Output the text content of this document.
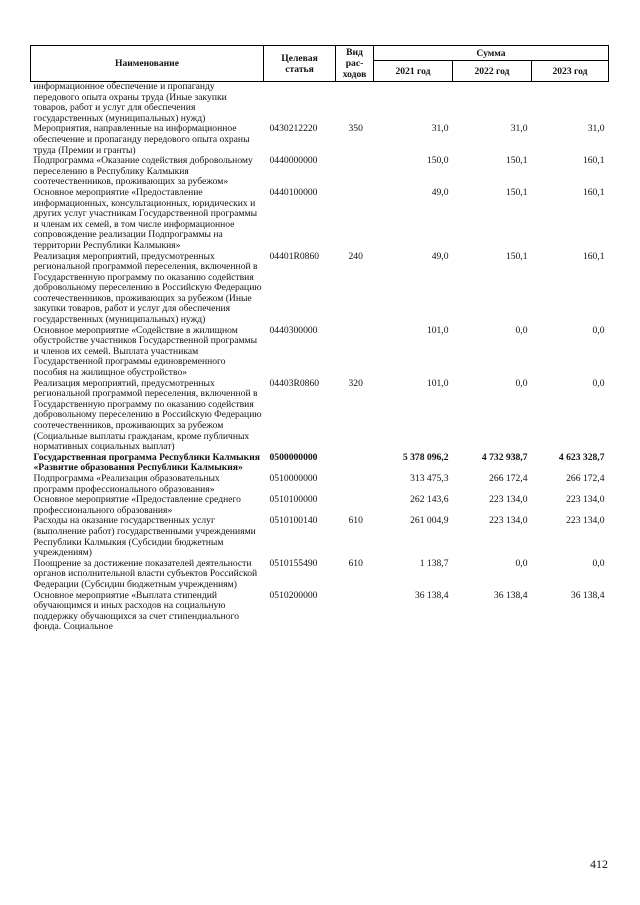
Наименование	Целевая статья	Вид рас-ходов	Сумма		
			2021 год	2022 год	2023 год
информационное обеспечение и пропаганду передового опыта охраны труда (Иные закупки товаров, работ и услуг для обеспечения государственных (муниципальных) нужд)					
Мероприятия, направленные на информационное обеспечение и пропаганду передового опыта охраны труда (Премии и гранты)	0430212220	350	31,0	31,0	31,0
Подпрограмма «Оказание содействия добровольному переселению в Республику Калмыкия соотечественников, проживающих за рубежом»	0440000000		150,0	150,1	160,1
Основное мероприятие «Предоставление информационных, консультационных, юридических и других услуг участникам Государственной программы и членам их семей, в том числе информационное сопровождение реализации Подпрограммы на территории Республики Калмыкия»	0440100000		49,0	150,1	160,1
Реализация мероприятий, предусмотренных региональной программой переселения, включенной в Государственную программу по оказанию содействия добровольному переселению в Российскую Федерацию соотечественников, проживающих за рубежом (Иные закупки товаров, работ и услуг для обеспечения государственных (муниципальных) нужд)	04401R0860	240	49,0	150,1	160,1
Основное мероприятие «Содействие в жилищном обустройстве участников Государственной программы и членов их семей. Выплата участникам Государственной программы единовременного пособия на жилищное обустройство»	0440300000		101,0	0,0	0,0
Реализация мероприятий, предусмотренных региональной программой переселения, включенной в Государственную программу по оказанию содействия добровольному переселению в Российскую Федерацию соотечественников, проживающих за рубежом (Социальные выплаты гражданам, кроме публичных нормативных социальных выплат)	04403R0860	320	101,0	0,0	0,0
Государственная программа Республики Калмыкия «Развитие образования Республики Калмыкия»	0500000000		5 378 096,2	4 732 938,7	4 623 328,7
Подпрограмма «Реализация образовательных программ профессионального образования»	0510000000		313 475,3	266 172,4	266 172,4
Основное мероприятие «Предоставление среднего профессионального образования»	0510100000		262 143,6	223 134,0	223 134,0
Расходы на оказание государственных услуг (выполнение работ) государственными учреждениями Республики Калмыкия (Субсидии бюджетным учреждениям)	0510100140	610	261 004,9	223 134,0	223 134,0
Поощрение за достижение показателей деятельности органов исполнительной власти субъектов Российской Федерации (Субсидии бюджетным учреждениям)	0510155490	610	1 138,7	0,0	0,0
Основное мероприятие «Выплата стипендий обучающимся и иных расходов на социальную поддержку обучающихся за счет стипендиального фонда. Социальное	0510200000		36 138,4	36 138,4	36 138,4
412
